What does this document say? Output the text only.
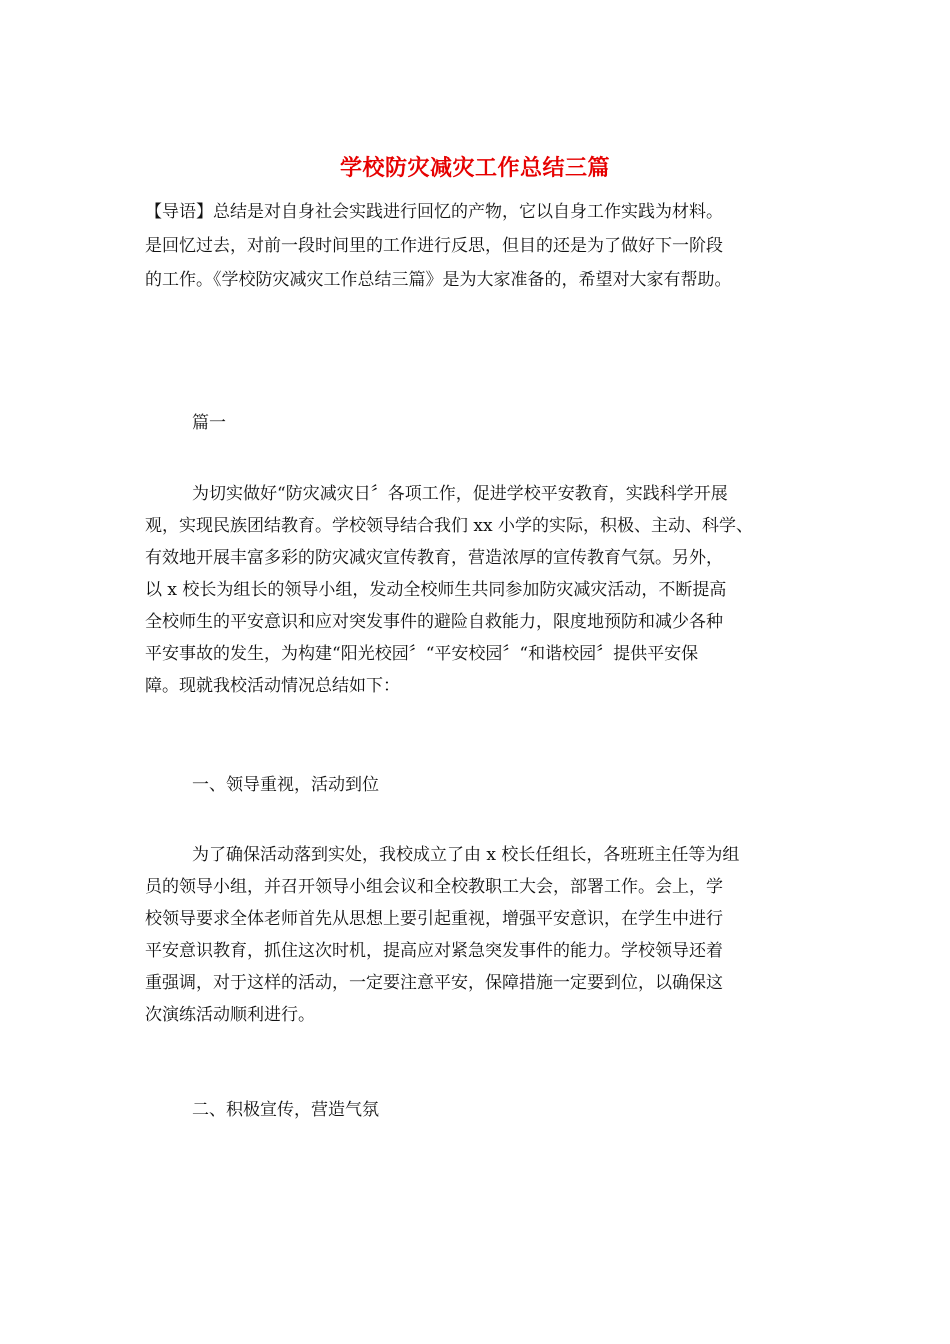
学校防灾减灾工作总结三篇
【导语】总结是对自身社会实践进行回忆的产物，它以自身工作实践为材料。
是回忆过去，对前一段时间里的工作进行反思，但目的还是为了做好下一阶段
的工作。《学校防灾减灾工作总结三篇》是为大家准备的，希望对大家有帮助。
篇一
为切实做好“防灾减灾日〞各项工作，促进学校平安教育，实践科学开展
观，实现民族团结教育。学校领导结合我们 xx 小学的实际，积极、主动、科学、
有效地开展丰富多彩的防灾减灾宣传教育，营造浓厚的宣传教育气氛。另外，
以 x 校长为组长的领导小组，发动全校师生共同参加防灾减灾活动，不断提高
全校师生的平安意识和应对突发事件的避险自救能力，限度地预防和减少各种
平安事故的发生，为构建“阳光校园〞“平安校园〞“和谐校园〞提供平安保
障。现就我校活动情况总结如下：
一、领导重视，活动到位
为了确保活动落到实处，我校成立了由 x 校长任组长，各班班主任等为组
员的领导小组，并召开领导小组会议和全校教职工大会，部署工作。会上，学
校领导要求全体老师首先从思想上要引起重视，增强平安意识，在学生中进行
平安意识教育，抓住这次时机，提高应对紧急突发事件的能力。学校领导还着
重强调，对于这样的活动，一定要注意平安，保障措施一定要到位，以确保这
次演练活动顺利进行。
二、积极宣传，营造气氛
